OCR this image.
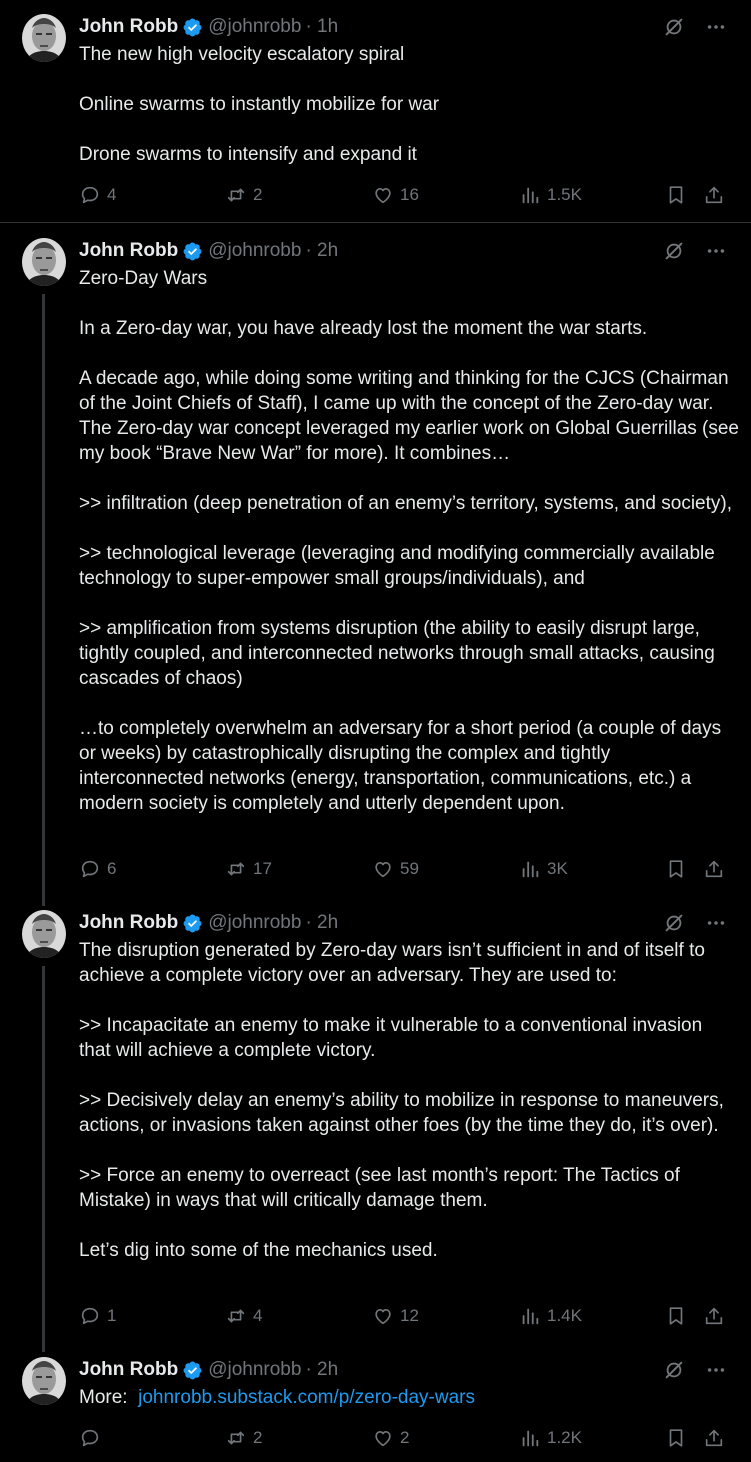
John Robb @johnrobb · 1h
The new high velocity escalatory spiral

Online swarms to instantly mobilize for war

Drone swarms to intensify and expand it
4	2	16	1.5K
John Robb @johnrobb · 2h
Zero-Day Wars

In a Zero-day war, you have already lost the moment the war starts.

A decade ago, while doing some writing and thinking for the CJCS (Chairman of the Joint Chiefs of Staff), I came up with the concept of the Zero-day war. The Zero-day war concept leveraged my earlier work on Global Guerrillas (see my book “Brave New War” for more). It combines…

>> infiltration (deep penetration of an enemy’s territory, systems, and society),

>> technological leverage (leveraging and modifying commercially available technology to super-empower small groups/individuals), and

>> amplification from systems disruption (the ability to easily disrupt large, tightly coupled, and interconnected networks through small attacks, causing cascades of chaos)

…to completely overwhelm an adversary for a short period (a couple of days or weeks) by catastrophically disrupting the complex and tightly interconnected networks (energy, transportation, communications, etc.) a modern society is completely and utterly dependent upon.
6	17	59	3K
John Robb @johnrobb · 2h
The disruption generated by Zero-day wars isn’t sufficient in and of itself to achieve a complete victory over an adversary. They are used to:

>> Incapacitate an enemy to make it vulnerable to a conventional invasion that will achieve a complete victory.

>> Decisively delay an enemy’s ability to mobilize in response to maneuvers, actions, or invasions taken against other foes (by the time they do, it’s over).

>> Force an enemy to overreact (see last month’s report: The Tactics of Mistake) in ways that will critically damage them.

Let’s dig into some of the mechanics used.
1	4	12	1.4K
John Robb @johnrobb · 2h
More:  johnrobb.substack.com/p/zero-day-wars
2	2	1.2K
